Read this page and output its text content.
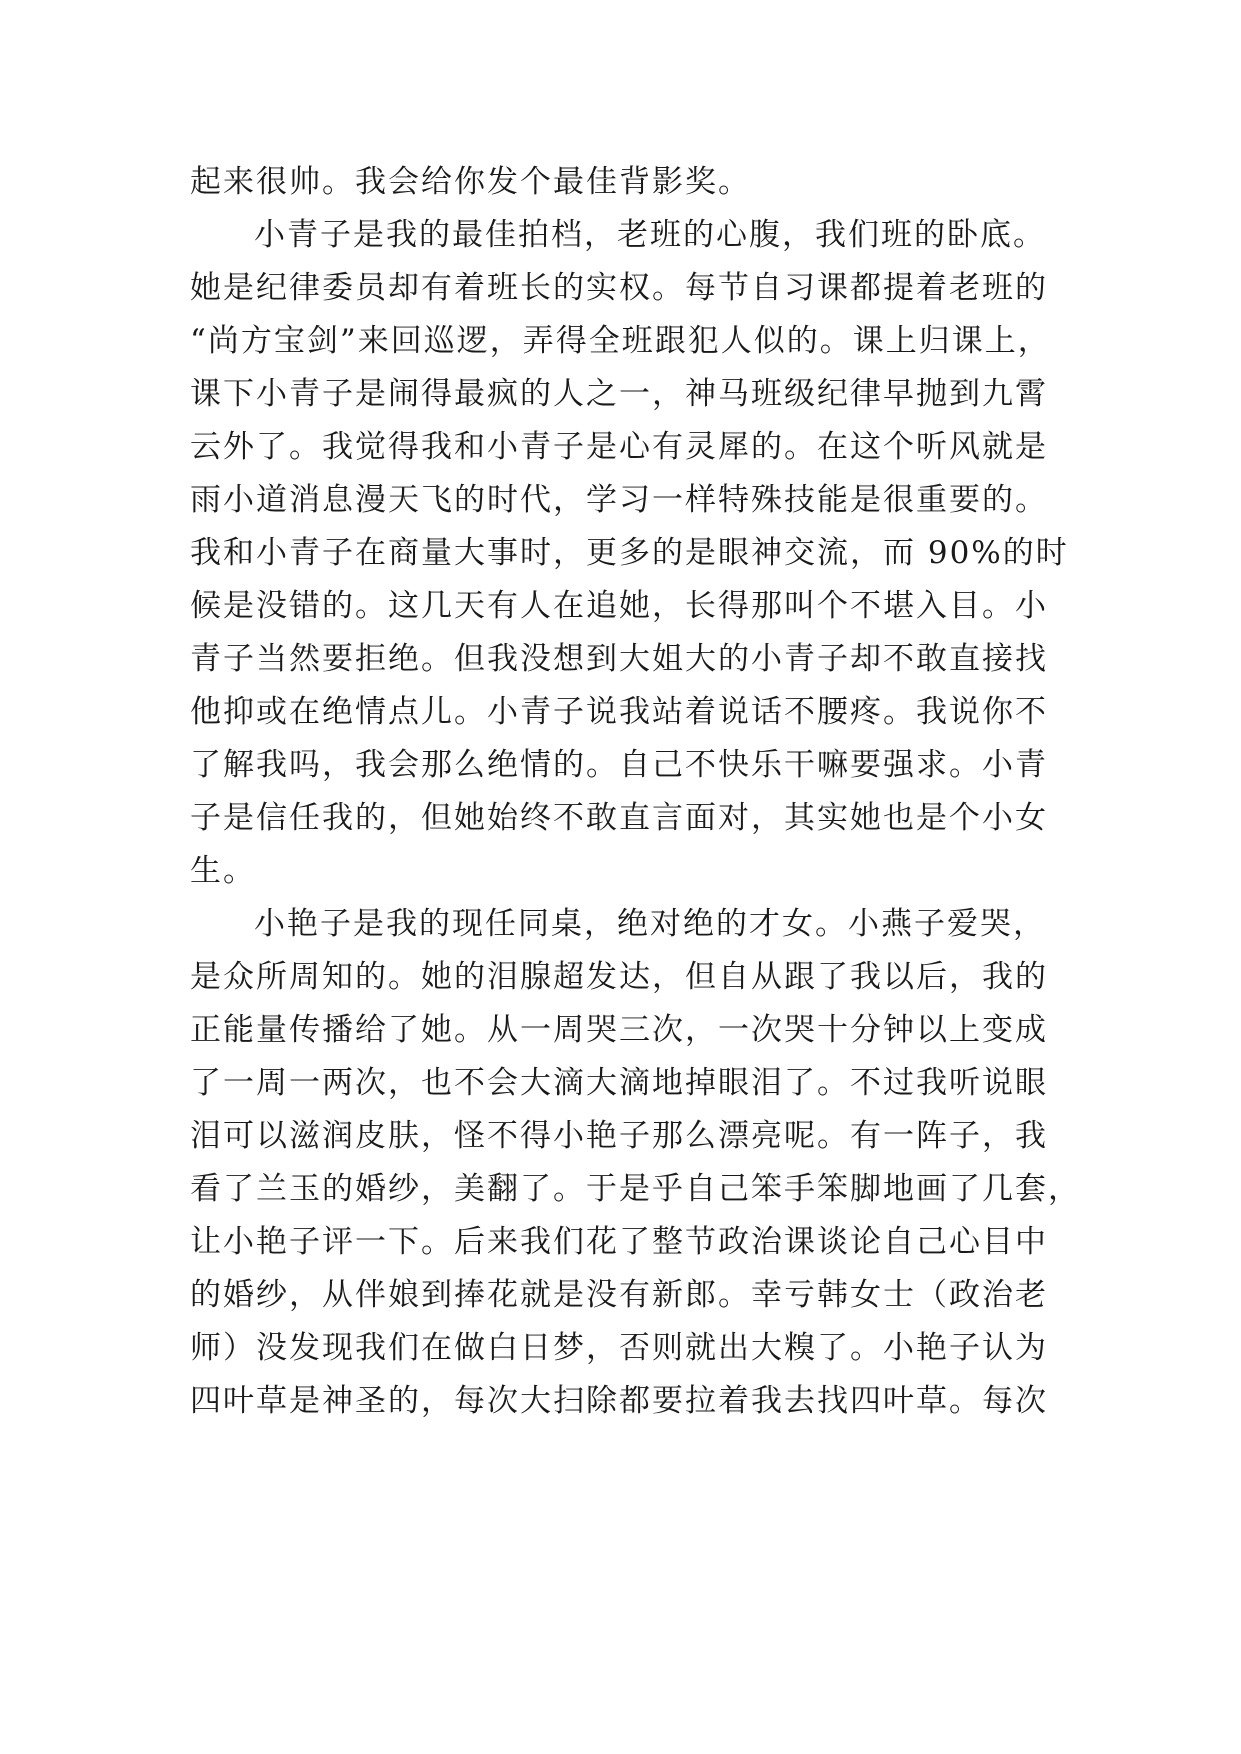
起来很帅。我会给你发个最佳背影奖。
小青子是我的最佳拍档，老班的心腹，我们班的卧底。
她是纪律委员却有着班长的实权。每节自习课都提着老班的
“尚方宝剑”来回巡逻，弄得全班跟犯人似的。课上归课上，
课下小青子是闹得最疯的人之一，神马班级纪律早抛到九霄
云外了。我觉得我和小青子是心有灵犀的。在这个听风就是
雨小道消息漫天飞的时代，学习一样特殊技能是很重要的。
我和小青子在商量大事时，更多的是眼神交流，而 90%的时
候是没错的。这几天有人在追她，长得那叫个不堪入目。小
青子当然要拒绝。但我没想到大姐大的小青子却不敢直接找
他抑或在绝情点儿。小青子说我站着说话不腰疼。我说你不
了解我吗，我会那么绝情的。自己不快乐干嘛要强求。小青
子是信任我的，但她始终不敢直言面对，其实她也是个小女
生。
小艳子是我的现任同桌，绝对绝的才女。小燕子爱哭，
是众所周知的。她的泪腺超发达，但自从跟了我以后，我的
正能量传播给了她。从一周哭三次，一次哭十分钟以上变成
了一周一两次，也不会大滴大滴地掉眼泪了。不过我听说眼
泪可以滋润皮肤，怪不得小艳子那么漂亮呢。有一阵子，我
看了兰玉的婚纱，美翻了。于是乎自己笨手笨脚地画了几套，
让小艳子评一下。后来我们花了整节政治课谈论自己心目中
的婚纱，从伴娘到捧花就是没有新郎。幸亏韩女士（政治老
师）没发现我们在做白日梦，否则就出大糗了。小艳子认为
四叶草是神圣的，每次大扫除都要拉着我去找四叶草。每次
